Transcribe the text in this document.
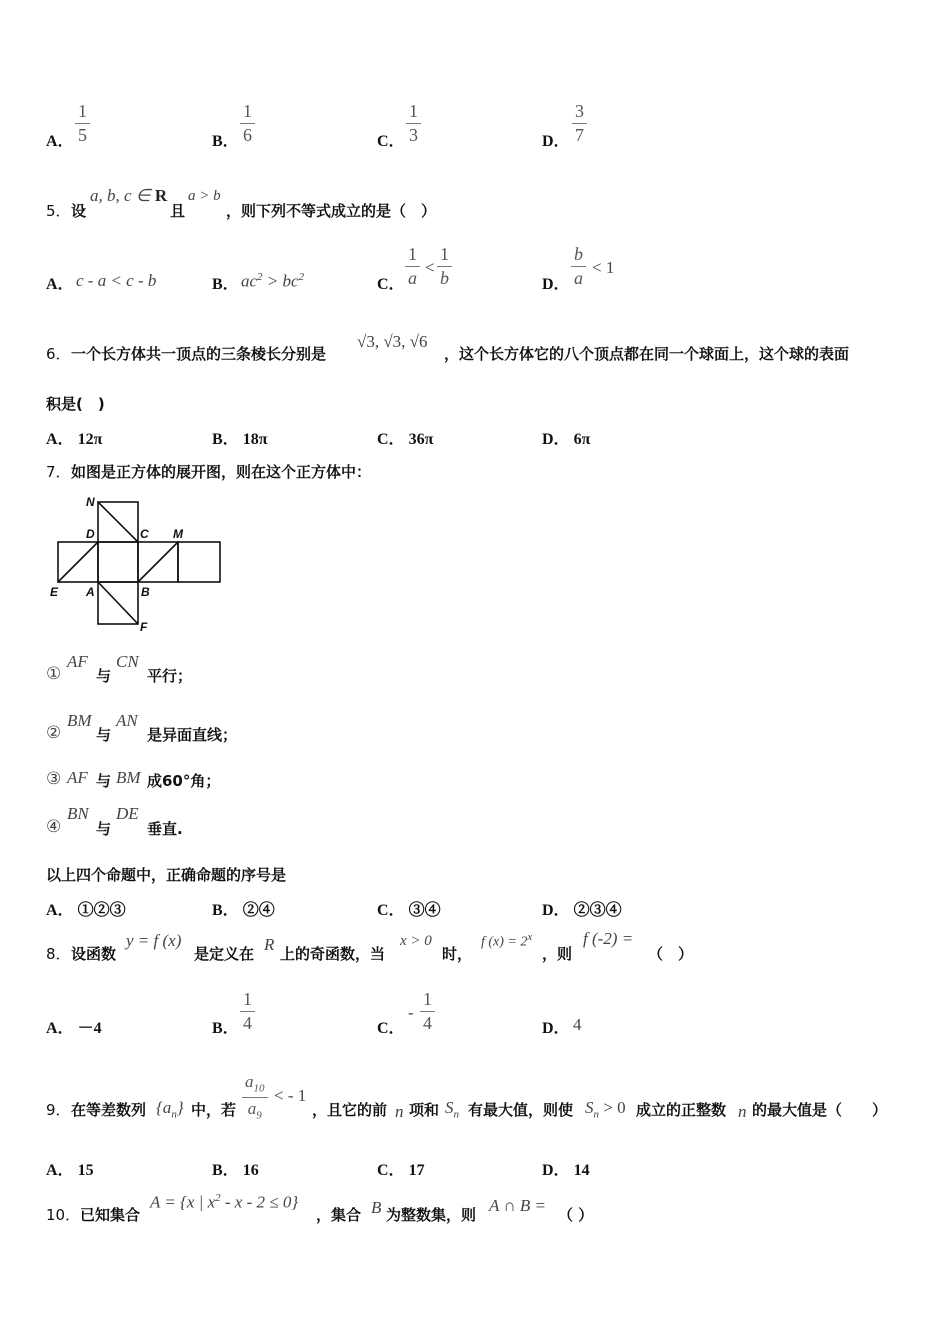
A． $\frac{1}{5}$	B． $\frac{1}{6}$	C． $\frac{1}{3}$	D． $\frac{3}{7}$
5． 设
a, b, c ∈ R
且
a > b
，则下列不等式成立的是（　）
A． c - a < c - b	B． $ac^2 > bc^2$	C． $\frac{1}{a} < \frac{1}{b}$	D． $\frac{b}{a} < 1$
6． 一个长方体共一顶点的三条棱长分别是
√3, √3, √6
，这个长方体它的八个顶点都在同一个球面上，这个球的表面
积是(　)
A． 12π	B． 18π	C． 36π	D． 6π
7． 如图是正方体的展开图，则在这个正方体中：
N
D	C M
E A	B
F
①
AF
与
CN
平行；
②
BM
与
AN
是异面直线；
③ AF 与 BM 成60°角；
④
BN
与
DE
垂直.
以上四个命题中，正确命题的序号是
A． ①②③	B． ②④	C． ③④	D． ②③④
8． 设函数
y = f (x)
是定义在 R 上的奇函数，当
x > 0
时，
f $(x) = 2^x$
，则
f (-2) =
（　）
A． －4	B． $\frac{1}{4}$	C．
- $\frac{1}{4}$	D． 4
9． 在等差数列 $\{a_n\}$ 中，若 $\frac{a_{10}}{a_9}$ < - 1
，且它的前 n 项和 $S_n$ 有最大值，则使 $S_n > 0$ 成立的正整数 n 的最大值是（　　）
A． 15	B． 16	C． 17	D． 14
10． 已知集合
A = {x | $x^2 - x - 2 \le 0$}
，集合 B 为整数集，则 A ∩ B = （ ）
